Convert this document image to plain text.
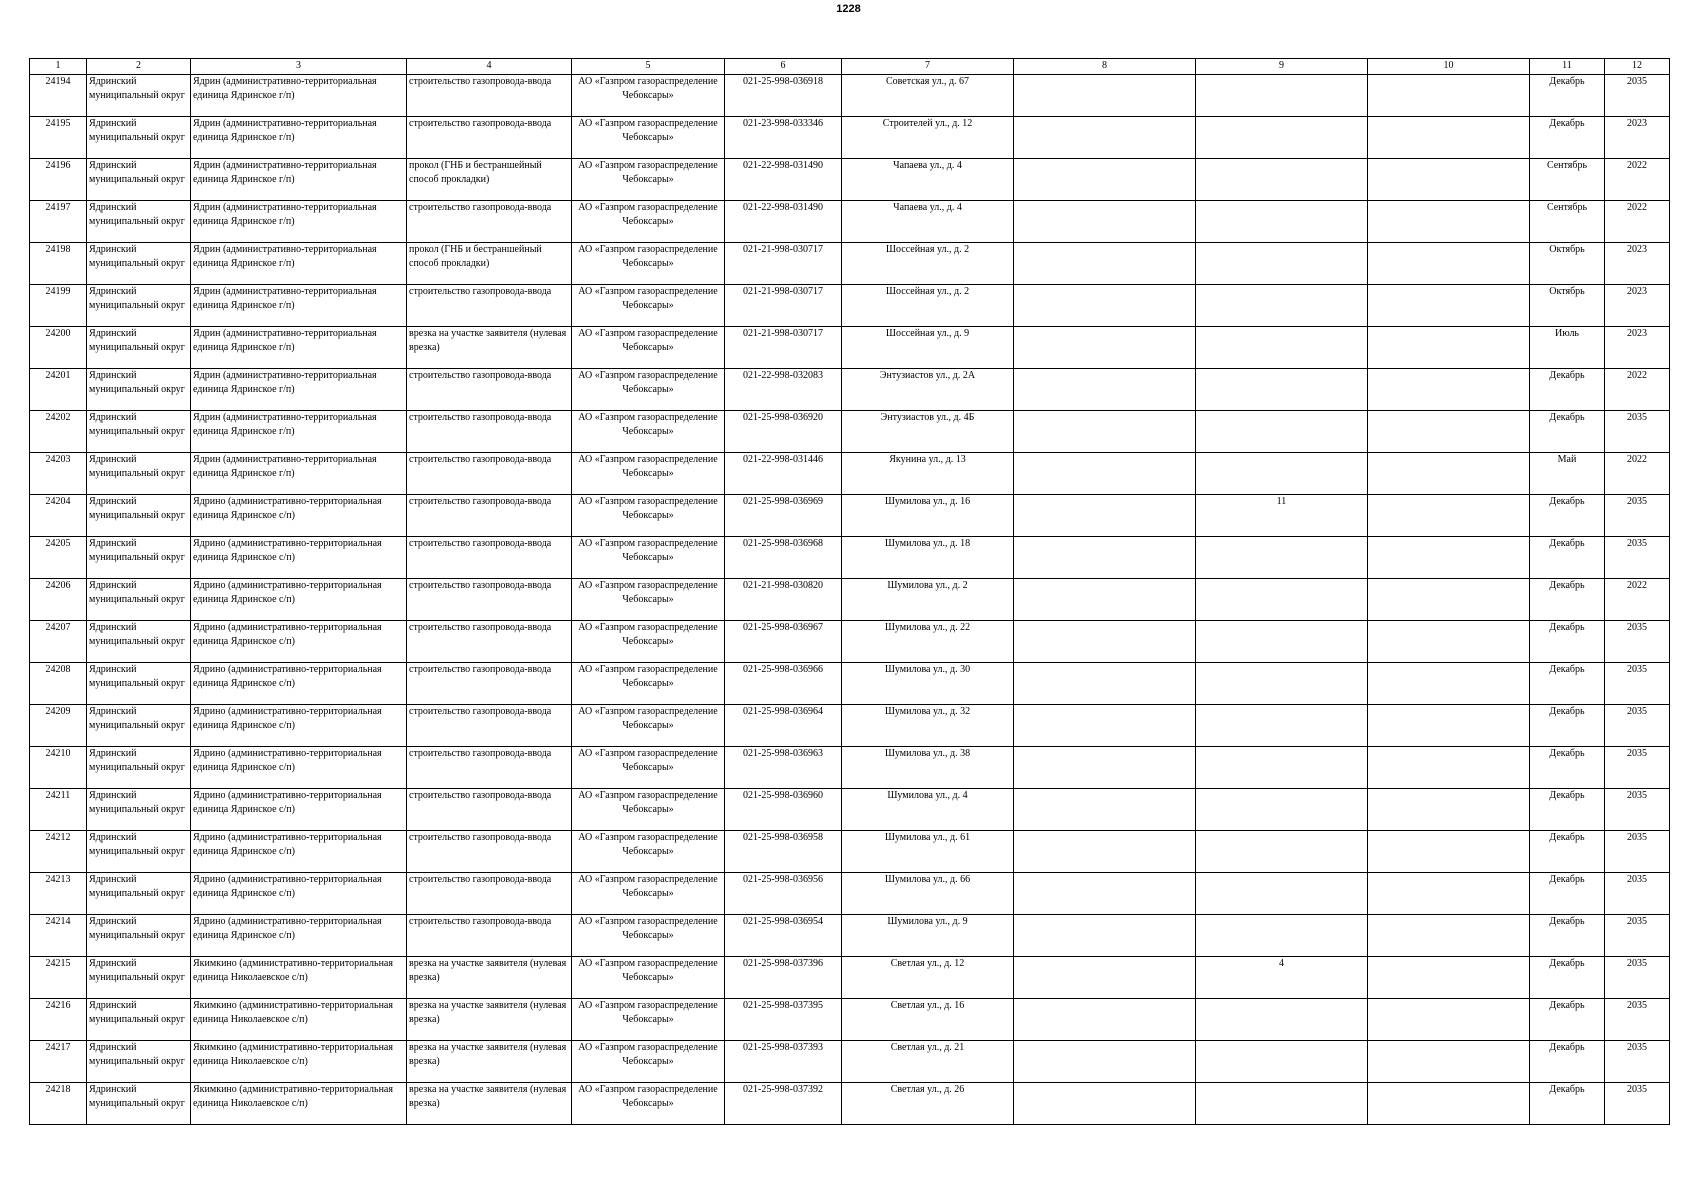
1228
1	2	3	4	5	6	7	8	9	10	11	12

24194	Ядринский муниципальный округ	Ядрин (административно-территориальная единица Ядринское г/п)	строительство газопровода-ввода	АО «Газпром газораспределение Чебоксары»	021-25-998-036918	Советская ул., д. 67				Декабрь	2035

24195	Ядринский муниципальный округ	Ядрин (административно-территориальная единица Ядринское г/п)	строительство газопровода-ввода	АО «Газпром газораспределение Чебоксары»	021-23-998-033346	Строителей ул., д. 12				Декабрь	2023

24196	Ядринский муниципальный округ	Ядрин (административно-территориальная единица Ядринское г/п)	прокол (ГНБ и бестраншейный способ прокладки)	АО «Газпром газораспределение Чебоксары»	021-22-998-031490	Чапаева ул., д. 4				Сентябрь	2022

24197	Ядринский муниципальный округ	Ядрин (административно-территориальная единица Ядринское г/п)	строительство газопровода-ввода	АО «Газпром газораспределение Чебоксары»	021-22-998-031490	Чапаева ул., д. 4				Сентябрь	2022

24198	Ядринский муниципальный округ	Ядрин (административно-территориальная единица Ядринское г/п)	прокол (ГНБ и бестраншейный способ прокладки)	АО «Газпром газораспределение Чебоксары»	021-21-998-030717	Шоссейная ул., д. 2				Октябрь	2023

24199	Ядринский муниципальный округ	Ядрин (административно-территориальная единица Ядринское г/п)	строительство газопровода-ввода	АО «Газпром газораспределение Чебоксары»	021-21-998-030717	Шоссейная ул., д. 2				Октябрь	2023

24200	Ядринский муниципальный округ	Ядрин (административно-территориальная единица Ядринское г/п)	врезка на участке заявителя (нулевая врезка)	АО «Газпром газораспределение Чебоксары»	021-21-998-030717	Шоссейная ул., д. 9				Июль	2023

24201	Ядринский муниципальный округ	Ядрин (административно-территориальная единица Ядринское г/п)	строительство газопровода-ввода	АО «Газпром газораспределение Чебоксары»	021-22-998-032083	Энтузиастов ул., д. 2А				Декабрь	2022

24202	Ядринский муниципальный округ	Ядрин (административно-территориальная единица Ядринское г/п)	строительство газопровода-ввода	АО «Газпром газораспределение Чебоксары»	021-25-998-036920	Энтузиастов ул., д. 4Б				Декабрь	2035

24203	Ядринский муниципальный округ	Ядрин (административно-территориальная единица Ядринское г/п)	строительство газопровода-ввода	АО «Газпром газораспределение Чебоксары»	021-22-998-031446	Якунина ул., д. 13				Май	2022

24204	Ядринский муниципальный округ	Ядрино (административно-территориальная единица Ядринское с/п)	строительство газопровода-ввода	АО «Газпром газораспределение Чебоксары»	021-25-998-036969	Шумилова ул., д. 16		11		Декабрь	2035

24205	Ядринский муниципальный округ	Ядрино (административно-территориальная единица Ядринское с/п)	строительство газопровода-ввода	АО «Газпром газораспределение Чебоксары»	021-25-998-036968	Шумилова ул., д. 18				Декабрь	2035

24206	Ядринский муниципальный округ	Ядрино (административно-территориальная единица Ядринское с/п)	строительство газопровода-ввода	АО «Газпром газораспределение Чебоксары»	021-21-998-030820	Шумилова ул., д. 2				Декабрь	2022

24207	Ядринский муниципальный округ	Ядрино (административно-территориальная единица Ядринское с/п)	строительство газопровода-ввода	АО «Газпром газораспределение Чебоксары»	021-25-998-036967	Шумилова ул., д. 22				Декабрь	2035

24208	Ядринский муниципальный округ	Ядрино (административно-территориальная единица Ядринское с/п)	строительство газопровода-ввода	АО «Газпром газораспределение Чебоксары»	021-25-998-036966	Шумилова ул., д. 30				Декабрь	2035

24209	Ядринский муниципальный округ	Ядрино (административно-территориальная единица Ядринское с/п)	строительство газопровода-ввода	АО «Газпром газораспределение Чебоксары»	021-25-998-036964	Шумилова ул., д. 32				Декабрь	2035

24210	Ядринский муниципальный округ	Ядрино (административно-территориальная единица Ядринское с/п)	строительство газопровода-ввода	АО «Газпром газораспределение Чебоксары»	021-25-998-036963	Шумилова ул., д. 38				Декабрь	2035

24211	Ядринский муниципальный округ	Ядрино (административно-территориальная единица Ядринское с/п)	строительство газопровода-ввода	АО «Газпром газораспределение Чебоксары»	021-25-998-036960	Шумилова ул., д. 4				Декабрь	2035

24212	Ядринский муниципальный округ	Ядрино (административно-территориальная единица Ядринское с/п)	строительство газопровода-ввода	АО «Газпром газораспределение Чебоксары»	021-25-998-036958	Шумилова ул., д. 61				Декабрь	2035

24213	Ядринский муниципальный округ	Ядрино (административно-территориальная единица Ядринское с/п)	строительство газопровода-ввода	АО «Газпром газораспределение Чебоксары»	021-25-998-036956	Шумилова ул., д. 66				Декабрь	2035

24214	Ядринский муниципальный округ	Ядрино (административно-территориальная единица Ядринское с/п)	строительство газопровода-ввода	АО «Газпром газораспределение Чебоксары»	021-25-998-036954	Шумилова ул., д. 9				Декабрь	2035

24215	Ядринский муниципальный округ	Якимкино (административно-территориальная единица Николаевское с/п)	врезка на участке заявителя (нулевая врезка)	АО «Газпром газораспределение Чебоксары»	021-25-998-037396	Светлая ул., д. 12		4		Декабрь	2035

24216	Ядринский муниципальный округ	Якимкино (административно-территориальная единица Николаевское с/п)	врезка на участке заявителя (нулевая врезка)	АО «Газпром газораспределение Чебоксары»	021-25-998-037395	Светлая ул., д. 16				Декабрь	2035

24217	Ядринский муниципальный округ	Якимкино (административно-территориальная единица Николаевское с/п)	врезка на участке заявителя (нулевая врезка)	АО «Газпром газораспределение Чебоксары»	021-25-998-037393	Светлая ул., д. 21				Декабрь	2035

24218	Ядринский муниципальный округ	Якимкино (административно-территориальная единица Николаевское с/п)	врезка на участке заявителя (нулевая врезка)	АО «Газпром газораспределение Чебоксары»	021-25-998-037392	Светлая ул., д. 26				Декабрь	2035
